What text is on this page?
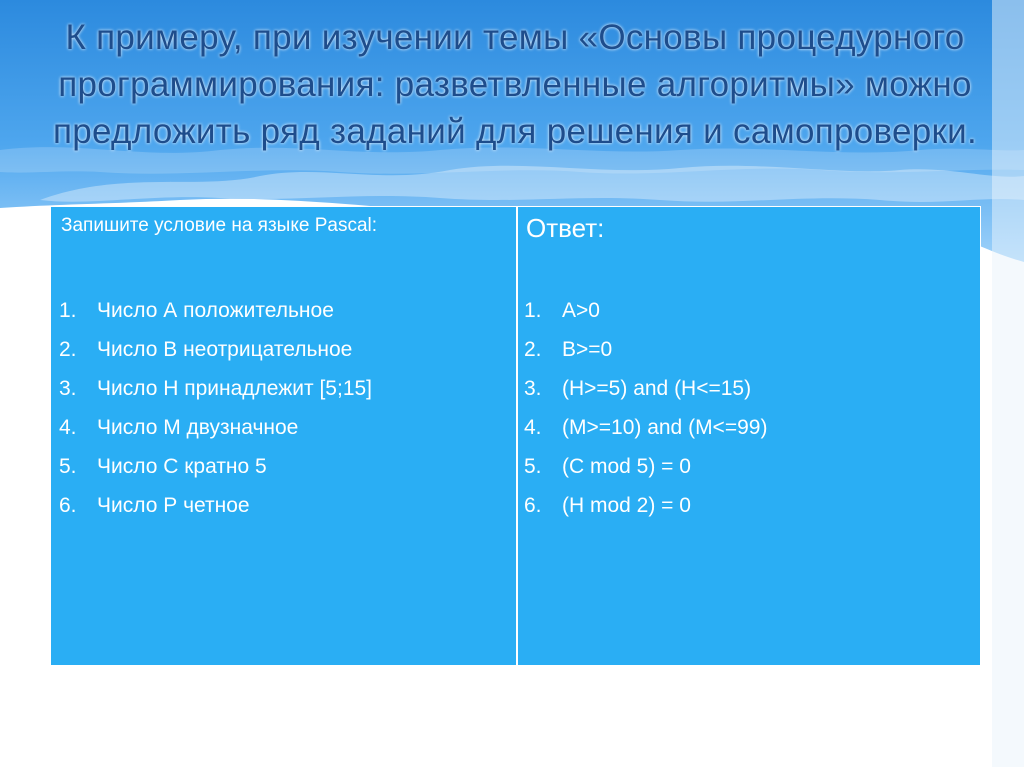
К примеру, при изучении темы «Основы процедурного программирования: разветвленные алгоритмы» можно предложить ряд заданий для решения и самопроверки.

Запишите условие на языке Pascal:

1. Число А положительное
2. Число В неотрицательное
3. Число Н принадлежит [5;15]
4. Число М двузначное
5. Число С кратно 5
6. Число Р четное

Ответ:

1. A>0
2. B>=0
3. (H>=5) and (H<=15)
4. (M>=10) and (M<=99)
5. (C mod 5) = 0
6. (H mod 2) = 0
